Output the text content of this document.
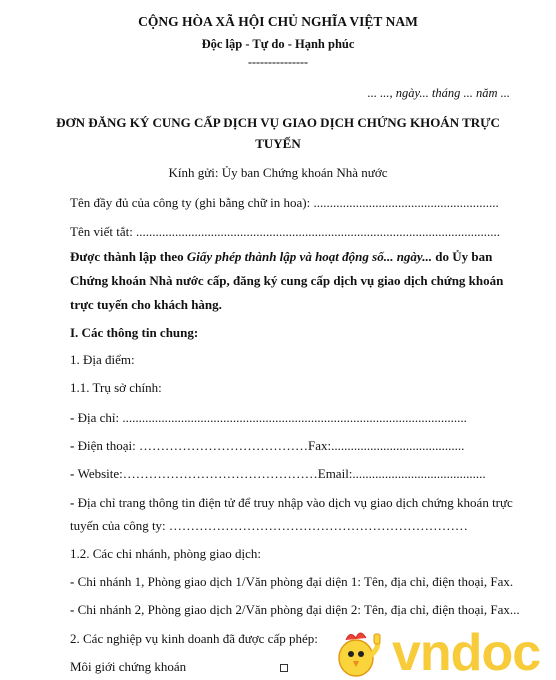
CỘNG HÒA XÃ HỘI CHỦ NGHĨA VIỆT NAM
Độc lập - Tự do - Hạnh phúc
---------------
... ..., ngày... tháng ... năm ...
ĐƠN ĐĂNG KÝ CUNG CẤP DỊCH VỤ GIAO DỊCH CHỨNG KHOÁN TRỰC
TUYẾN
Kính gửi: Ủy ban Chứng khoán Nhà nước
Tên đầy đủ của công ty (ghi bằng chữ in hoa): .........................................................
Tên viết tắt: ................................................................................................................
Được thành lập theo Giấy phép thành lập và hoạt động số... ngày... do Ủy ban
Chứng khoán Nhà nước cấp, đăng ký cung cấp dịch vụ giao dịch chứng khoán
trực tuyến cho khách hàng.
I. Các thông tin chung:
1. Địa điểm:
1.1. Trụ sở chính:
- Địa chỉ: ..........................................................................................................
- Điện thoại: …………………………………Fax:.........................................
- Website:………………………………………Email:.........................................
- Địa chỉ trang thông tin điện tử để truy nhập vào dịch vụ giao dịch chứng khoán trực
tuyến của công ty: ……………………………………………………………
1.2. Các chi nhánh, phòng giao dịch:
- Chi nhánh 1, Phòng giao dịch 1/Văn phòng đại diện 1: Tên, địa chỉ, điện thoại, Fax.
- Chi nhánh 2, Phòng giao dịch 2/Văn phòng đại diện 2: Tên, địa chỉ, điện thoại, Fax...
2. Các nghiệp vụ kinh doanh đã được cấp phép:
Môi giới chứng khoán	vndoc
